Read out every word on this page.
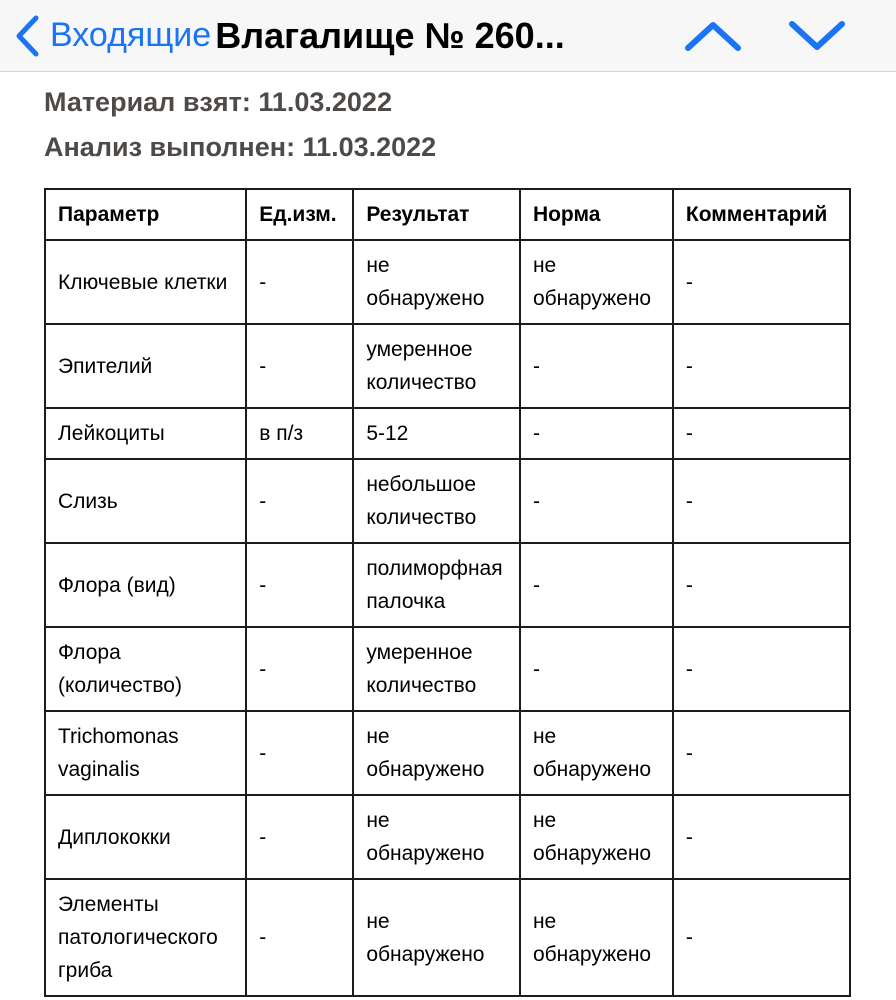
Входящие Влагалище № 260...
Материал взят: 11.03.2022
Анализ выполнен: 11.03.2022
Параметр	Ед.изм.	Результат	Норма	Комментарий
Ключевые клетки	-	не обнаружено	не обнаружено	-
Эпителий	-	умеренное количество	-	-
Лейкоциты	в п/з	5-12	-	-
Слизь	-	небольшое количество	-	-
Флора (вид)	-	полиморфная палочка	-	-
Флора (количество)	-	умеренное количество	-	-
Trichomonas vaginalis	-	не обнаружено	не обнаружено	-
Диплококки	-	не обнаружено	не обнаружено	-
Элементы патологического гриба	-	не обнаружено	не обнаружено	-
